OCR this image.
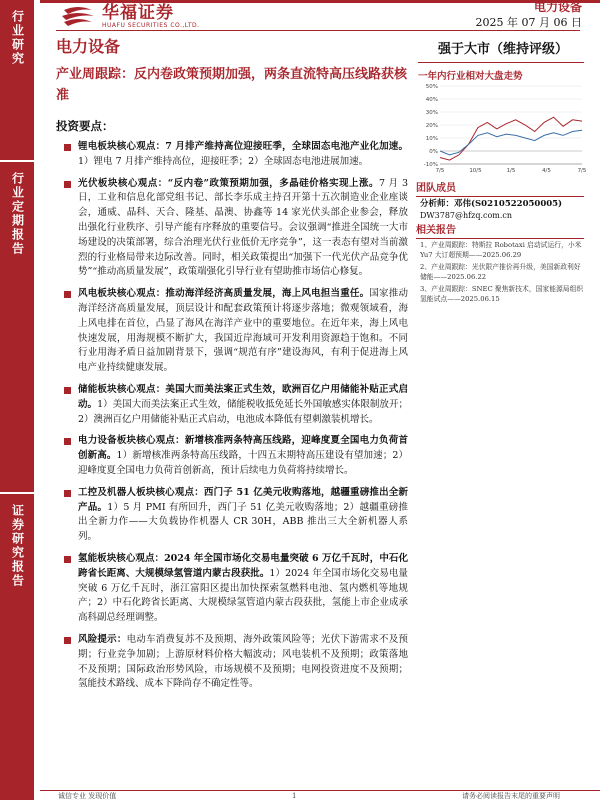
华福证券
HUAFU SECURITIES CO.,LTD.
电力设备
2025 年 07 月 06 日
行业研究
行业定期报告
证券研究报告
电力设备
产业周跟踪：反内卷政策预期加强，两条直流特高压线路获核准
投资要点：
锂电板块核心观点：7 月排产维持高位迎接旺季，全球固态电池产业化加速。1）锂电 7 月排产维持高位，迎接旺季；2）全球固态电池进展加速。
光伏板块核心观点：“反内卷”政策预期加强，多晶硅价格实现上涨。7 月 3 日，工业和信息化部党组书记、部长李乐成主持召开第十五次制造业企业座谈会，通威、晶科、天合、隆基、晶澳、协鑫等 14 家光伏头部企业参会，释放出强化行业秩序、引导产能有序释放的重要信号。会议强调“推进全国统一大市场建设的决策部署，综合治理光伏行业低价无序竞争”，这一表态有望对当前激烈的行业格局带来边际改善。同时，相关政策提出“加强下一代光伏产品竞争优势”“推动高质量发展”，政策端强化引导行业有望助推市场信心修复。
风电板块核心观点：推动海洋经济高质量发展，海上风电担当重任。国家推动海洋经济高质量发展，顶层设计和配套政策预计将逐步落地；微观领域看，海上风电排在首位，凸显了海风在海洋产业中的重要地位。在近年来，海上风电快速发展，用海规模不断扩大，我国近岸海域可开发利用资源趋于饱和。不同行业用海矛盾日益加剧背景下，强调“规范有序”建设海风，有利于促进海上风电产业持续健康发展。
储能板块核心观点：美国大而美法案正式生效，欧洲百亿户用储能补贴正式启动。1）美国大而美法案正式生效，储能税收抵免延长外国敏感实体限制放开；2）澳洲百亿户用储能补贴正式启动，电池成本降低有望刺激装机增长。
电力设备板块核心观点：新增核准两条特高压线路，迎峰度夏全国电力负荷首创新高。1）新增核准两条特高压线路，十四五末期特高压建设有望加速；2）迎峰度夏全国电力负荷首创新高，预计后续电力负荷将持续增长。
工控及机器人板块核心观点：西门子 51 亿美元收购落地，越疆重磅推出全新产品。1）5 月 PMI 有所回升，西门子 51 亿美元收购落地；2）越疆重磅推出全新力作——大负载协作机器人 CR 30H，ABB 推出三大全新机器人系列。
氢能板块核心观点：2024 年全国市场化交易电量突破 6 万亿千瓦时，中石化跨省长距离、大规模绿氢管道内蒙古段获批。1）2024 年全国市场化交易电量突破 6 万亿千瓦时，浙江富阳区提出加快探索氢燃料电池、氢内燃机等地规产；2）中石化跨省长距离、大规模绿氢管道内蒙古段获批，氢能上市企业成承高科副总经理调整。
风险提示：电动车消费复苏不及预期、海外政策风险等；光伏下游需求不及预期；行业竞争加剧；上游原材料价格大幅波动；风电装机不及预期；政策落地不及预期；国际政治形势风险，市场规模不及预期；电网投资进度不及预期；氢能技术路线、成本下降尚存不确定性等。
强于大市（维持评级）
一年内行业相对大盘走势
-10%
0%
10%
20%
30%
40%
50%
7/5	10/5	1/5	4/5	7/5
团队成员
分析师：邓伟(S0210522050005)
DW3787@hfzq.com.cn
相关报告
1、产业周跟踪：特斯拉 Robotaxi 启动试运行，小米 Yu7 大订超预期——2025.06.29
2、产业周跟踪：光伏限产推价再升级，美国新政利好储能——2025.06.22
3、产业周跟踪：SNEC 聚焦新技术，国家能源局组织氢能试点——2025.06.15
诚信专业 发现价值	1	请务必阅读报告末尾的重要声明
